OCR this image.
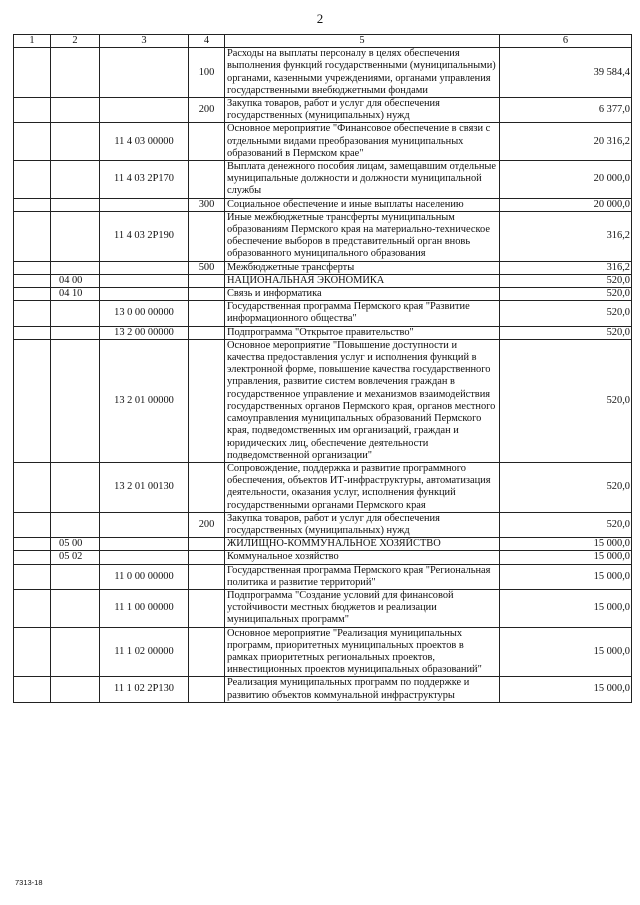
2
1	2	3	4	5	6
			100	Расходы на выплаты персоналу в целях обеспечения выполнения функций государственными (муниципальными) органами, казенными учреждениями, органами управления государственными внебюджетными фондами	39 584,4
			200	Закупка товаров, работ и услуг для обеспечения государственных (муниципальных) нужд	6 377,0
		11 4 03 00000		Основное мероприятие "Финансовое обеспечение в связи с отдельными видами преобразования муниципальных образований в Пермском крае"	20 316,2
		11 4 03 2Р170		Выплата денежного пособия лицам, замещавшим отдельные муниципальные должности и должности муниципальной службы	20 000,0
			300	Социальное обеспечение и иные выплаты населению	20 000,0
		11 4 03 2Р190		Иные межбюджетные трансферты муниципальным образованиям Пермского края на материально-техническое обеспечение выборов в представительный орган вновь образованного муниципального образования	316,2
			500	Межбюджетные трансферты	316,2
	04 00			НАЦИОНАЛЬНАЯ ЭКОНОМИКА	520,0
	04 10			Связь и информатика	520,0
		13 0 00 00000		Государственная программа Пермского края "Развитие информационного общества"	520,0
		13 2 00 00000		Подпрограмма "Открытое правительство"	520,0
		13 2 01 00000		Основное мероприятие "Повышение доступности и качества предоставления услуг и исполнения функций в электронной форме, повышение качества государственного управления, развитие систем вовлечения граждан в государственное управление и механизмов взаимодействия государственных органов Пермского края, органов местного самоуправления муниципальных образований Пермского края, подведомственных им организаций, граждан и юридических лиц, обеспечение деятельности подведомственной организации"	520,0
		13 2 01 00130		Сопровождение, поддержка и развитие программного обеспечения, объектов ИТ-инфраструктуры, автоматизация деятельности, оказания услуг, исполнения функций государственными органами Пермского края	520,0
			200	Закупка товаров, работ и услуг для обеспечения государственных (муниципальных) нужд	520,0
	05 00			ЖИЛИЩНО-КОММУНАЛЬНОЕ ХОЗЯЙСТВО	15 000,0
	05 02			Коммунальное хозяйство	15 000,0
		11 0 00 00000		Государственная программа Пермского края "Региональная политика и развитие территорий"	15 000,0
		11 1 00 00000		Подпрограмма "Создание условий для финансовой устойчивости местных бюджетов и реализации муниципальных программ"	15 000,0
		11 1 02 00000		Основное мероприятие "Реализация муниципальных программ, приоритетных муниципальных проектов в рамках приоритетных региональных проектов, инвестиционных проектов муниципальных образований"	15 000,0
		11 1 02 2Р130		Реализация муниципальных программ по поддержке и развитию объектов коммунальной инфраструктуры	15 000,0
7313-18
